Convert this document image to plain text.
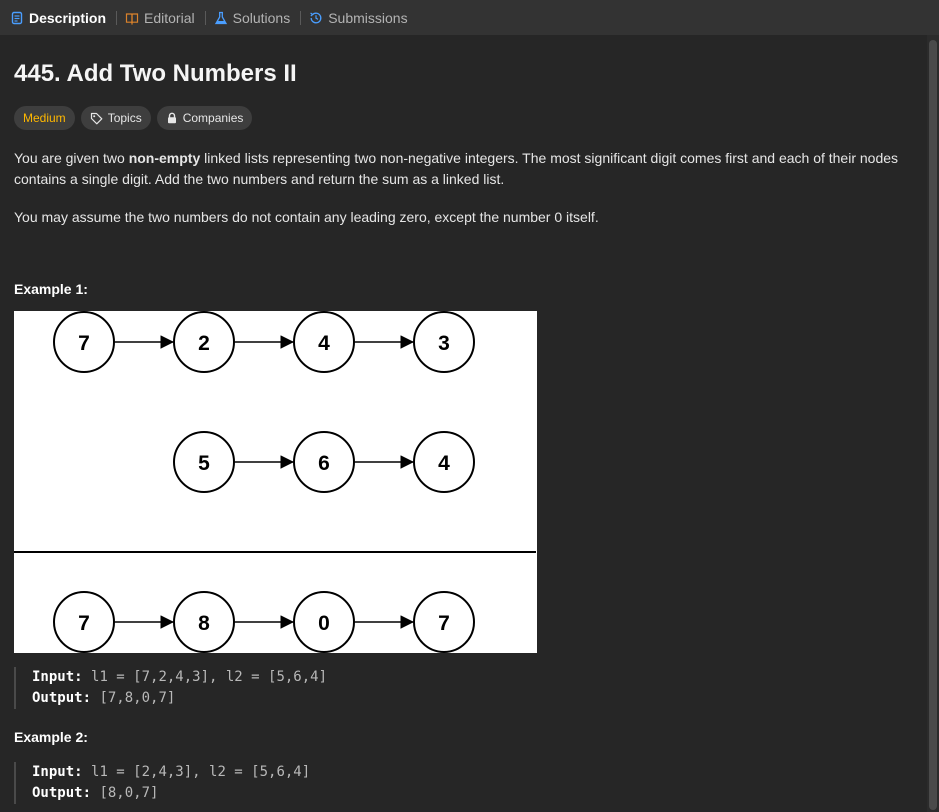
Description	Editorial	Solutions	Submissions
445. Add Two Numbers II
Medium	Topics	Companies

You are given two non-empty linked lists representing two non-negative integers. The most significant digit comes first and each of their nodes contains a single digit. Add the two numbers and return the sum as a linked list.

You may assume the two numbers do not contain any leading zero, except the number 0 itself.

Example 1:

7	2	4	3
5	6	4
7	8	0	7
Input: l1 = [7,2,4,3], l2 = [5,6,4]
Output: [7,8,0,7]

Example 2:

Input: l1 = [2,4,3], l2 = [5,6,4]
Output: [8,0,7]
